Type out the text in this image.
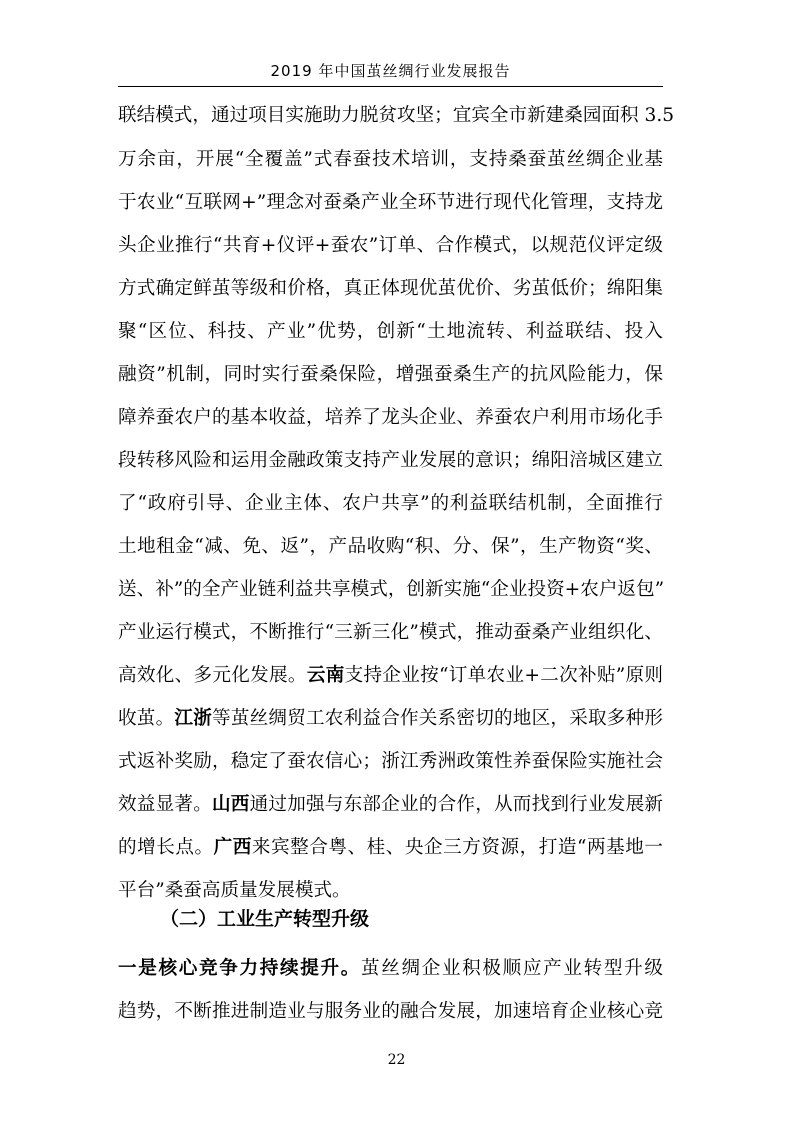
2019 年中国茧丝绸行业发展报告
联结模式，通过项目实施助力脱贫攻坚；宜宾全市新建桑园面积 3.5
万余亩，开展“全覆盖”式春蚕技术培训，支持桑蚕茧丝绸企业基
于农业“互联网+”理念对蚕桑产业全环节进行现代化管理，支持龙
头企业推行“共育+仪评+蚕农”订单、合作模式，以规范仪评定级
方式确定鲜茧等级和价格，真正体现优茧优价、劣茧低价；绵阳集
聚“区位、科技、产业”优势，创新“土地流转、利益联结、投入
融资”机制，同时实行蚕桑保险，增强蚕桑生产的抗风险能力，保
障养蚕农户的基本收益，培养了龙头企业、养蚕农户利用市场化手
段转移风险和运用金融政策支持产业发展的意识；绵阳涪城区建立
了“政府引导、企业主体、农户共享”的利益联结机制，全面推行
土地租金“减、免、返”，产品收购“积、分、保”，生产物资“奖、
送、补”的全产业链利益共享模式，创新实施“企业投资+农户返包”
产业运行模式，不断推行“三新三化”模式，推动蚕桑产业组织化、
高效化、多元化发展。云南支持企业按“订单农业+二次补贴”原则
收茧。江浙等茧丝绸贸工农利益合作关系密切的地区，采取多种形
式返补奖励，稳定了蚕农信心；浙江秀洲政策性养蚕保险实施社会
效益显著。山西通过加强与东部企业的合作，从而找到行业发展新
的增长点。广西来宾整合粤、桂、央企三方资源，打造“两基地一
平台”桑蚕高质量发展模式。
（二）工业生产转型升级
一是核心竞争力持续提升。茧丝绸企业积极顺应产业转型升级
趋势，不断推进制造业与服务业的融合发展，加速培育企业核心竞
22
